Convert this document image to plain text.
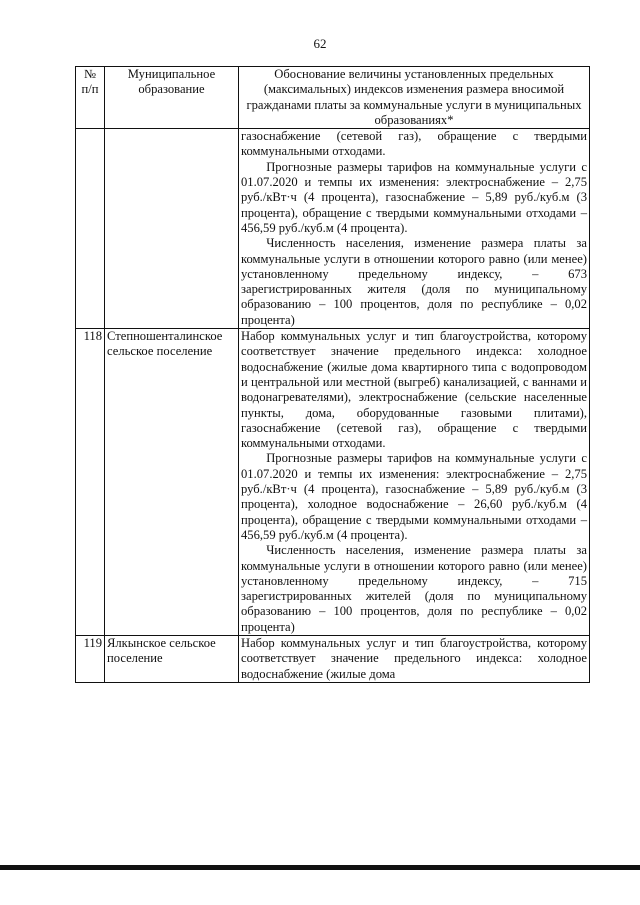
62
№ п/п	Муниципальное образование	Обоснование величины установленных предельных (максимальных) индексов изменения размера вносимой гражданами платы за коммунальные услуги в муниципальных образованиях*

		газоснабжение (сетевой газ), обращение с твердыми коммунальными отходами.
Прогнозные размеры тарифов на коммунальные услуги с 01.07.2020 и темпы их изменения: электроснабжение – 2,75 руб./кВт·ч (4 процента), газоснабжение – 5,89 руб./куб.м (3 процента), обращение с твердыми коммунальными отходами – 456,59 руб./куб.м (4 процента).
Численность населения, изменение размера платы за коммунальные услуги в отношении которого равно (или менее) установленному предельному индексу, – 673 зарегистрированных жителя (доля по муниципальному образованию – 100 процентов, доля по республике – 0,02 процента)

118	Степношенталинское сельское поселение	Набор коммунальных услуг и тип благоустройства, которому соответствует значение предельного индекса: холодное водоснабжение (жилые дома квартирного типа с водопроводом и центральной или местной (выгреб) канализацией, с ваннами и водонагревателями), электроснабжение (сельские населенные пункты, дома, оборудованные газовыми плитами), газоснабжение (сетевой газ), обращение с твердыми коммунальными отходами.
Прогнозные размеры тарифов на коммунальные услуги с 01.07.2020 и темпы их изменения: электроснабжение – 2,75 руб./кВт·ч (4 процента), газоснабжение – 5,89 руб./куб.м (3 процента), холодное водоснабжение – 26,60 руб./куб.м (4 процента), обращение с твердыми коммунальными отходами – 456,59 руб./куб.м (4 процента).
Численность населения, изменение размера платы за коммунальные услуги в отношении которого равно (или менее) установленному предельному индексу, – 715 зарегистрированных жителей (доля по муниципальному образованию – 100 процентов, доля по республике – 0,02 процента)

119	Ялкынское сельское поселение	Набор коммунальных услуг и тип благоустройства, которому соответствует значение предельного индекса: холодное водоснабжение (жилые дома
